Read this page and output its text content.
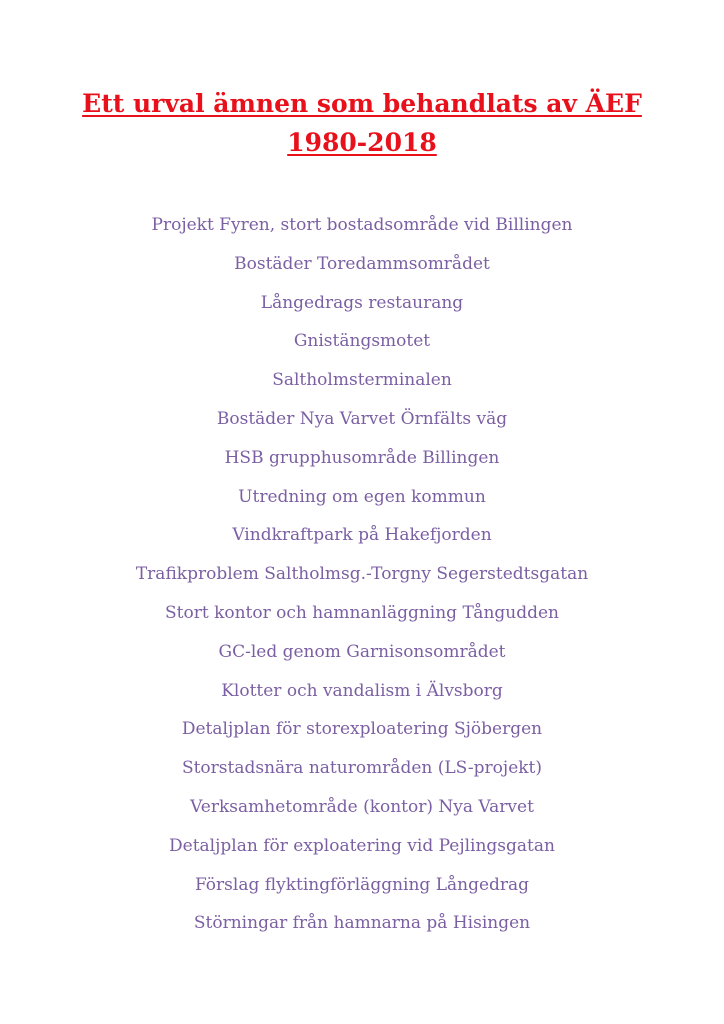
Ett urval ämnen som behandlats av ÄEF
1980-2018
Projekt Fyren, stort bostadsområde vid Billingen
Bostäder Toredammsområdet
Långedrags restaurang
Gnistängsmotet
Saltholmsterminalen
Bostäder Nya Varvet Örnfälts väg
HSB grupphusområde Billingen
Utredning om egen kommun
Vindkraftpark på Hakefjorden
Trafikproblem Saltholmsg.-Torgny Segerstedtsgatan
Stort kontor och hamnanläggning Tångudden
GC-led genom Garnisonsområdet
Klotter och vandalism i Älvsborg
Detaljplan för storexploatering Sjöbergen
Storstadsnära naturområden (LS-projekt)
Verksamhetområde (kontor) Nya Varvet
Detaljplan för exploatering vid Pejlingsgatan
Förslag flyktingförläggning Långedrag
Störningar från hamnarna på Hisingen
